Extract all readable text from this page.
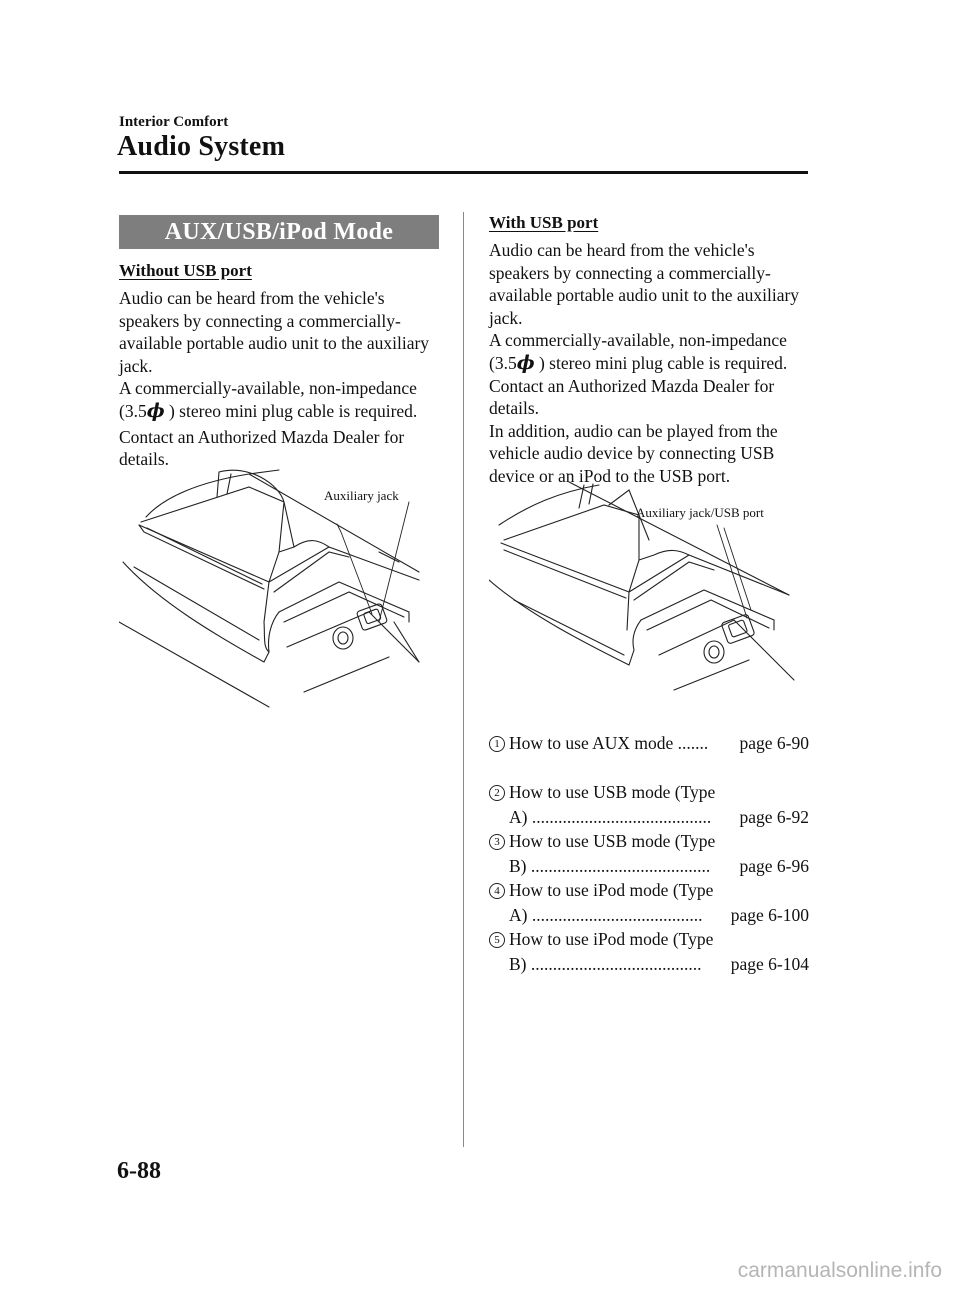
Interior Comfort
Audio System
AUX/USB/iPod Mode
Without USB port

Audio can be heard from the vehicle's speakers by connecting a commercially-available portable audio unit to the auxiliary jack.

A commercially-available, non-impedance (3.5ϕ ) stereo mini plug cable is required.

Contact an Authorized Mazda Dealer for details.

Auxiliary jack
With USB port

Audio can be heard from the vehicle's speakers by connecting a commercially-available portable audio unit to the auxiliary jack.

A commercially-available, non-impedance (3.5ϕ ) stereo mini plug cable is required.

Contact an Authorized Mazda Dealer for details.

In addition, audio can be played from the vehicle audio device by connecting USB device or an iPod to the USB port.

Auxiliary jack/USB port
1 How to use AUX mode ....... page 6-90
2 How to use USB mode (Type
A) ......................................... page 6-92
3 How to use USB mode (Type
B) ......................................... page 6-96
4 How to use iPod mode (Type
A) ....................................... page 6-100
5 How to use iPod mode (Type
B) ....................................... page 6-104
6-88
carmanualsonline.info
